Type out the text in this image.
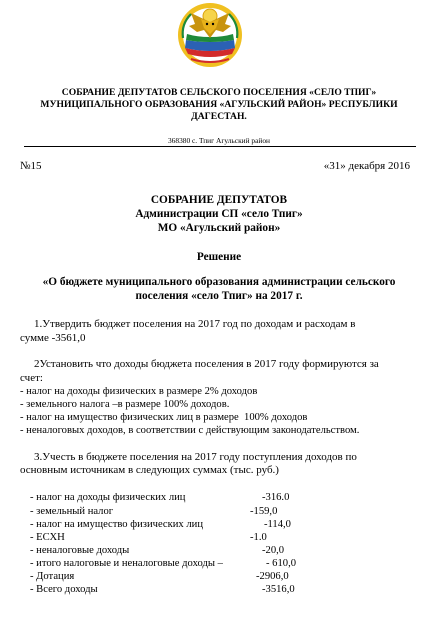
СОБРАНИЕ ДЕПУТАТОВ СЕЛЬСКОГО ПОСЕЛЕНИЯ «СЕЛО ТПИГ»
МУНИЦИПАЛЬНОГО ОБРАЗОВАНИЯ «АГУЛЬСКИЙ РАЙОН» РЕСПУБЛИКИ
ДАГЕСТАН.
368380 с. Тпиг Агульский район
№15	«31» декабря 2016
СОБРАНИЕ ДЕПУТАТОВ
Администрации СП «село Тпиг»
МО «Агульский район»
Решение
«О бюджете муниципального образования администрации сельского
поселения «село Тпиг» на 2017 г.
1.Утвердить бюджет поселения на 2017 год по доходам и расходам в
сумме -3561,0
2Установить что доходы бюджета поселения в 2017 году формируются за
счет:
- налог на доходы физических в размере 2% доходов
- земельного налога –в размере 100% доходов.
- налог на имущество физических лиц в размере  100% доходов
- неналоговых доходов, в соответствии с действующим законодательством.
3.Учесть в бюджете поселения на 2017 году поступления доходов по
основным источникам в следующих суммах (тыс. руб.)
- налог на доходы физических лиц	-316.0
- земельный налог	-159,0
- налог на имущество физических лиц	-114,0
- ЕСХН	-1.0
- неналоговые доходы	-20,0
- итого налоговые и неналоговые доходы –	- 610,0
- Дотация	-2906,0
- Всего доходы	-3516,0
